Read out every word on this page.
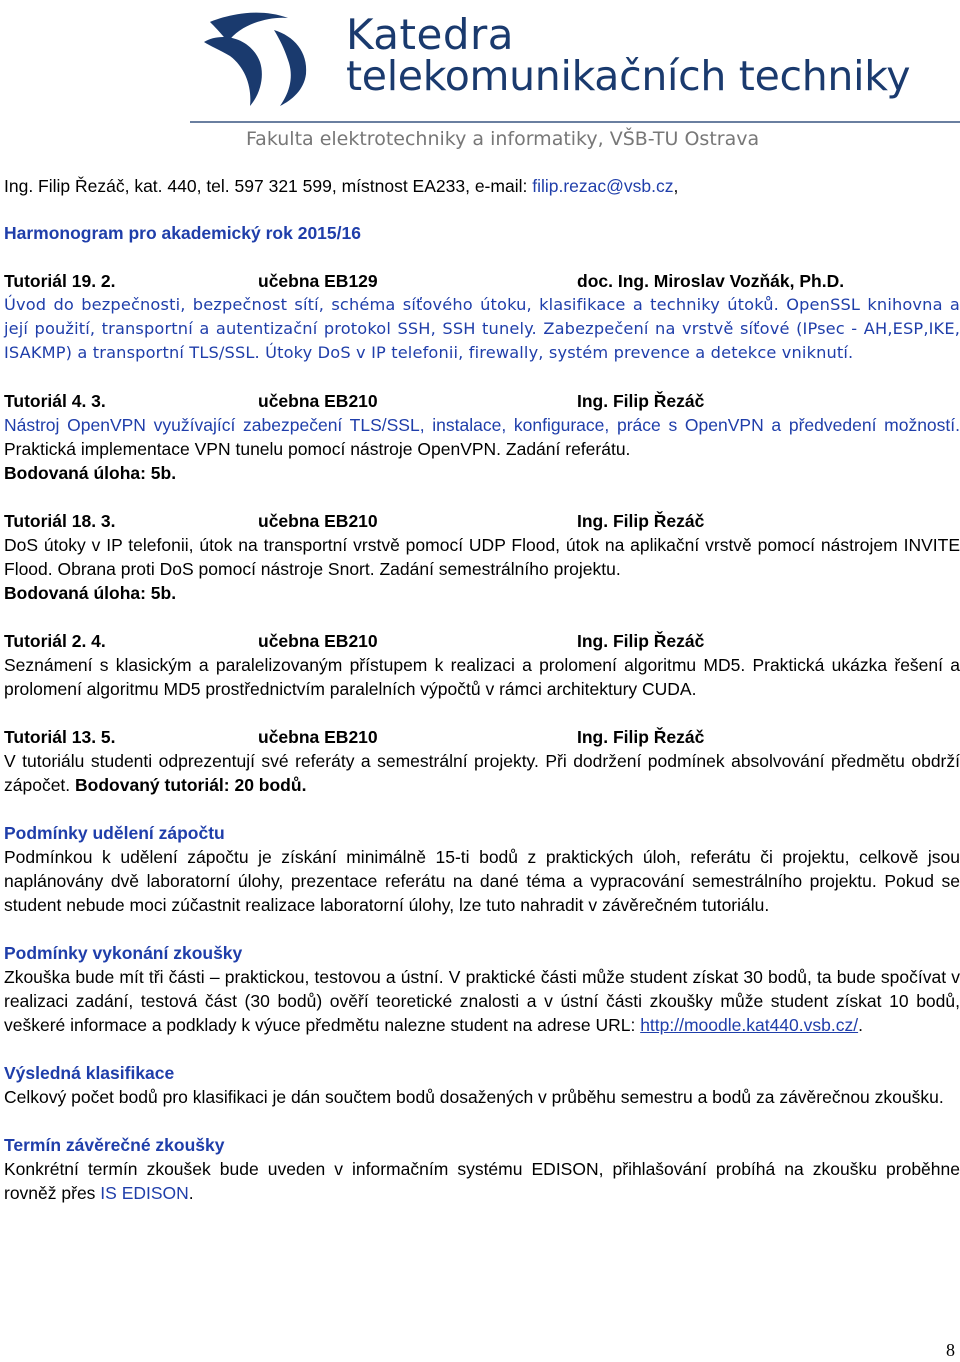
Katedra
telekomunikačních techniky
Fakulta elektrotechniky a informatiky, VŠB-TU Ostrava

Ing. Filip Řezáč, kat. 440, tel. 597 321 599, místnost EA233, e-mail: filip.rezac@vsb.cz,

Harmonogram pro akademický rok 2015/16

Tutoriál 19. 2.	učebna EB129	doc. Ing. Miroslav Vozňák, Ph.D.

Úvod do bezpečnosti, bezpečnost sítí, schéma síťového útoku, klasifikace a techniky útoků. OpenSSL knihovna a její použití, transportní a autentizační protokol SSH, SSH tunely. Zabezpečení na vrstvě síťové (IPsec - AH,ESP,IKE, ISAKMP) a transportní TLS/SSL. Útoky DoS v IP telefonii, firewally, systém prevence a detekce vniknutí.

Tutoriál 4. 3.	učebna EB210	Ing. Filip Řezáč

Nástroj OpenVPN využívající zabezpečení TLS/SSL, instalace, konfigurace, práce s OpenVPN a předvedení možností. Praktická implementace VPN tunelu pomocí nástroje OpenVPN. Zadání referátu.

Bodovaná úloha: 5b.

Tutoriál 18. 3.	učebna EB210	Ing. Filip Řezáč

DoS útoky v IP telefonii, útok na transportní vrstvě pomocí UDP Flood, útok na aplikační vrstvě pomocí nástrojem INVITE Flood. Obrana proti DoS pomocí nástroje Snort. Zadání semestrálního projektu.

Bodovaná úloha: 5b.

Tutoriál 2. 4.	učebna EB210	Ing. Filip Řezáč

Seznámení s klasickým a paralelizovaným přístupem k realizaci a prolomení algoritmu MD5. Praktická ukázka řešení a prolomení algoritmu MD5 prostřednictvím paralelních výpočtů v rámci architektury CUDA.

Tutoriál 13. 5.	učebna EB210	Ing. Filip Řezáč

V tutoriálu studenti odprezentují své referáty a semestrální projekty. Při dodržení podmínek absolvování předmětu obdrží zápočet. Bodovaný tutoriál: 20 bodů.

Podmínky udělení zápočtu

Podmínkou k udělení zápočtu je získání minimálně 15-ti bodů z praktických úloh, referátu či projektu, celkově jsou naplánovány dvě laboratorní úlohy, prezentace referátu na dané téma a vypracování semestrálního projektu. Pokud se student nebude moci zúčastnit realizace laboratorní úlohy, lze tuto nahradit v závěrečném tutoriálu.

Podmínky vykonání zkoušky

Zkouška bude mít tři části – praktickou, testovou a ústní. V praktické části může student získat 30 bodů, ta bude spočívat v realizaci zadání, testová část (30 bodů) ověří teoretické znalosti a v ústní části zkoušky může student získat 10 bodů, veškeré informace a podklady k výuce předmětu nalezne student na adrese URL: http://moodle.kat440.vsb.cz/.

Výsledná klasifikace

Celkový počet bodů pro klasifikaci je dán součtem bodů dosažených v průběhu semestru a bodů za závěrečnou zkoušku.

Termín závěrečné zkoušky

Konkrétní termín zkoušek bude uveden v informačním systému EDISON, přihlašování probíhá na zkoušku proběhne rovněž přes IS EDISON.

8
